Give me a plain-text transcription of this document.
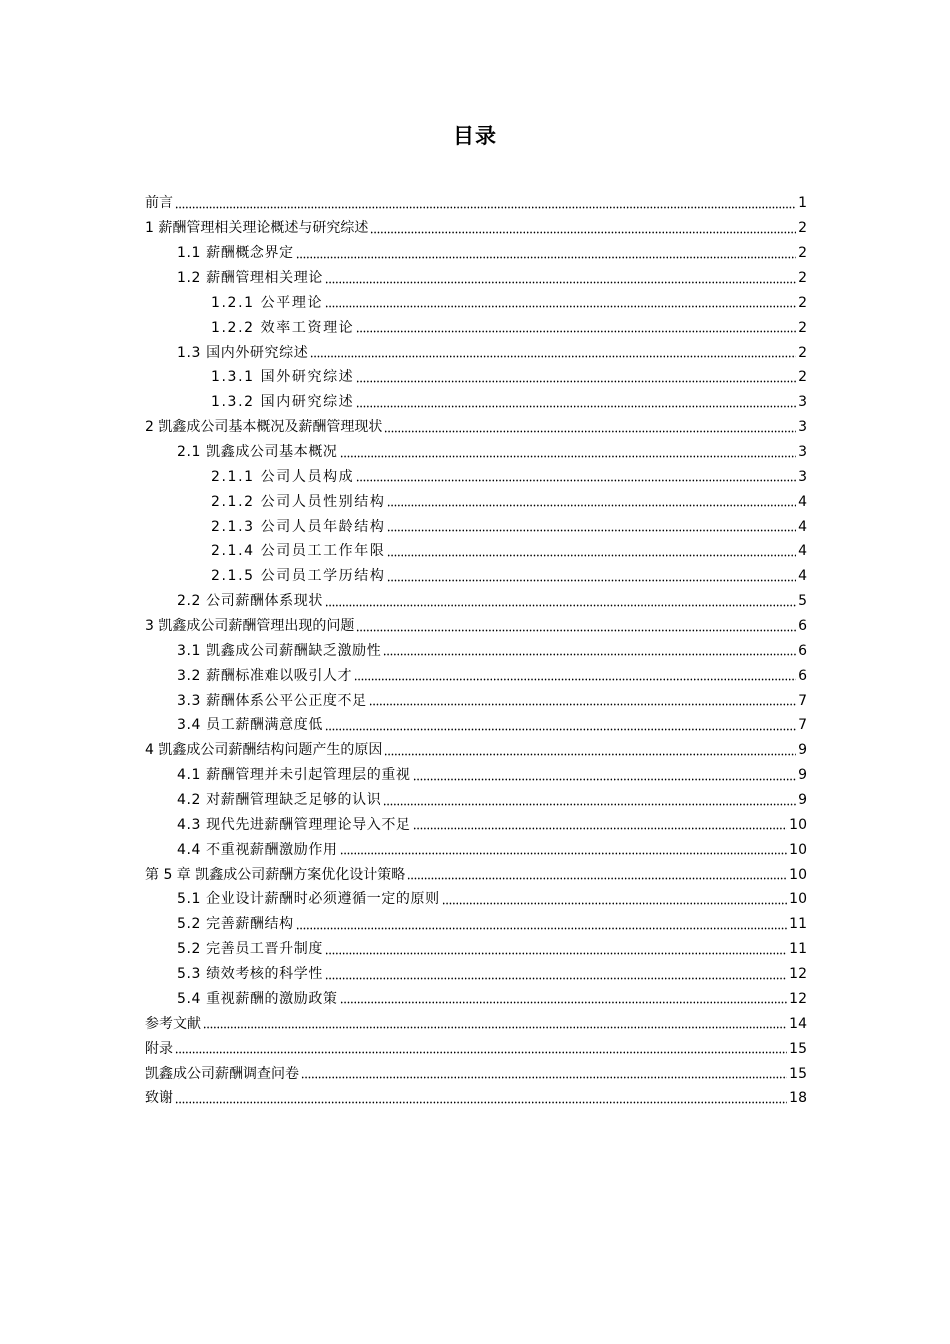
目录
前言	1
1 薪酬管理相关理论概述与研究综述	2
1.1 薪酬概念界定	2
1.2 薪酬管理相关理论	2
1.2.1 公平理论	2
1.2.2 效率工资理论	2
1.3 国内外研究综述	2
1.3.1 国外研究综述	2
1.3.2 国内研究综述	3
2 凯鑫成公司基本概况及薪酬管理现状	3
2.1 凯鑫成公司基本概况	3
2.1.1 公司人员构成	3
2.1.2 公司人员性别结构	4
2.1.3 公司人员年龄结构	4
2.1.4 公司员工工作年限	4
2.1.5 公司员工学历结构	4
2.2 公司薪酬体系现状	5
3 凯鑫成公司薪酬管理出现的问题	6
3.1 凯鑫成公司薪酬缺乏激励性	6
3.2 薪酬标准难以吸引人才	6
3.3 薪酬体系公平公正度不足	7
3.4 员工薪酬满意度低	7
4 凯鑫成公司薪酬结构问题产生的原因	9
4.1 薪酬管理并未引起管理层的重视	9
4.2 对薪酬管理缺乏足够的认识	9
4.3 现代先进薪酬管理理论导入不足	10
4.4 不重视薪酬激励作用	10
第 5 章 凯鑫成公司薪酬方案优化设计策略	10
5.1 企业设计薪酬时必须遵循一定的原则	10
5.2 完善薪酬结构	11
5.2 完善员工晋升制度	11
5.3 绩效考核的科学性	12
5.4 重视薪酬的激励政策	12
参考文献	14
附录	15
凯鑫成公司薪酬调查问卷	15
致谢	18
